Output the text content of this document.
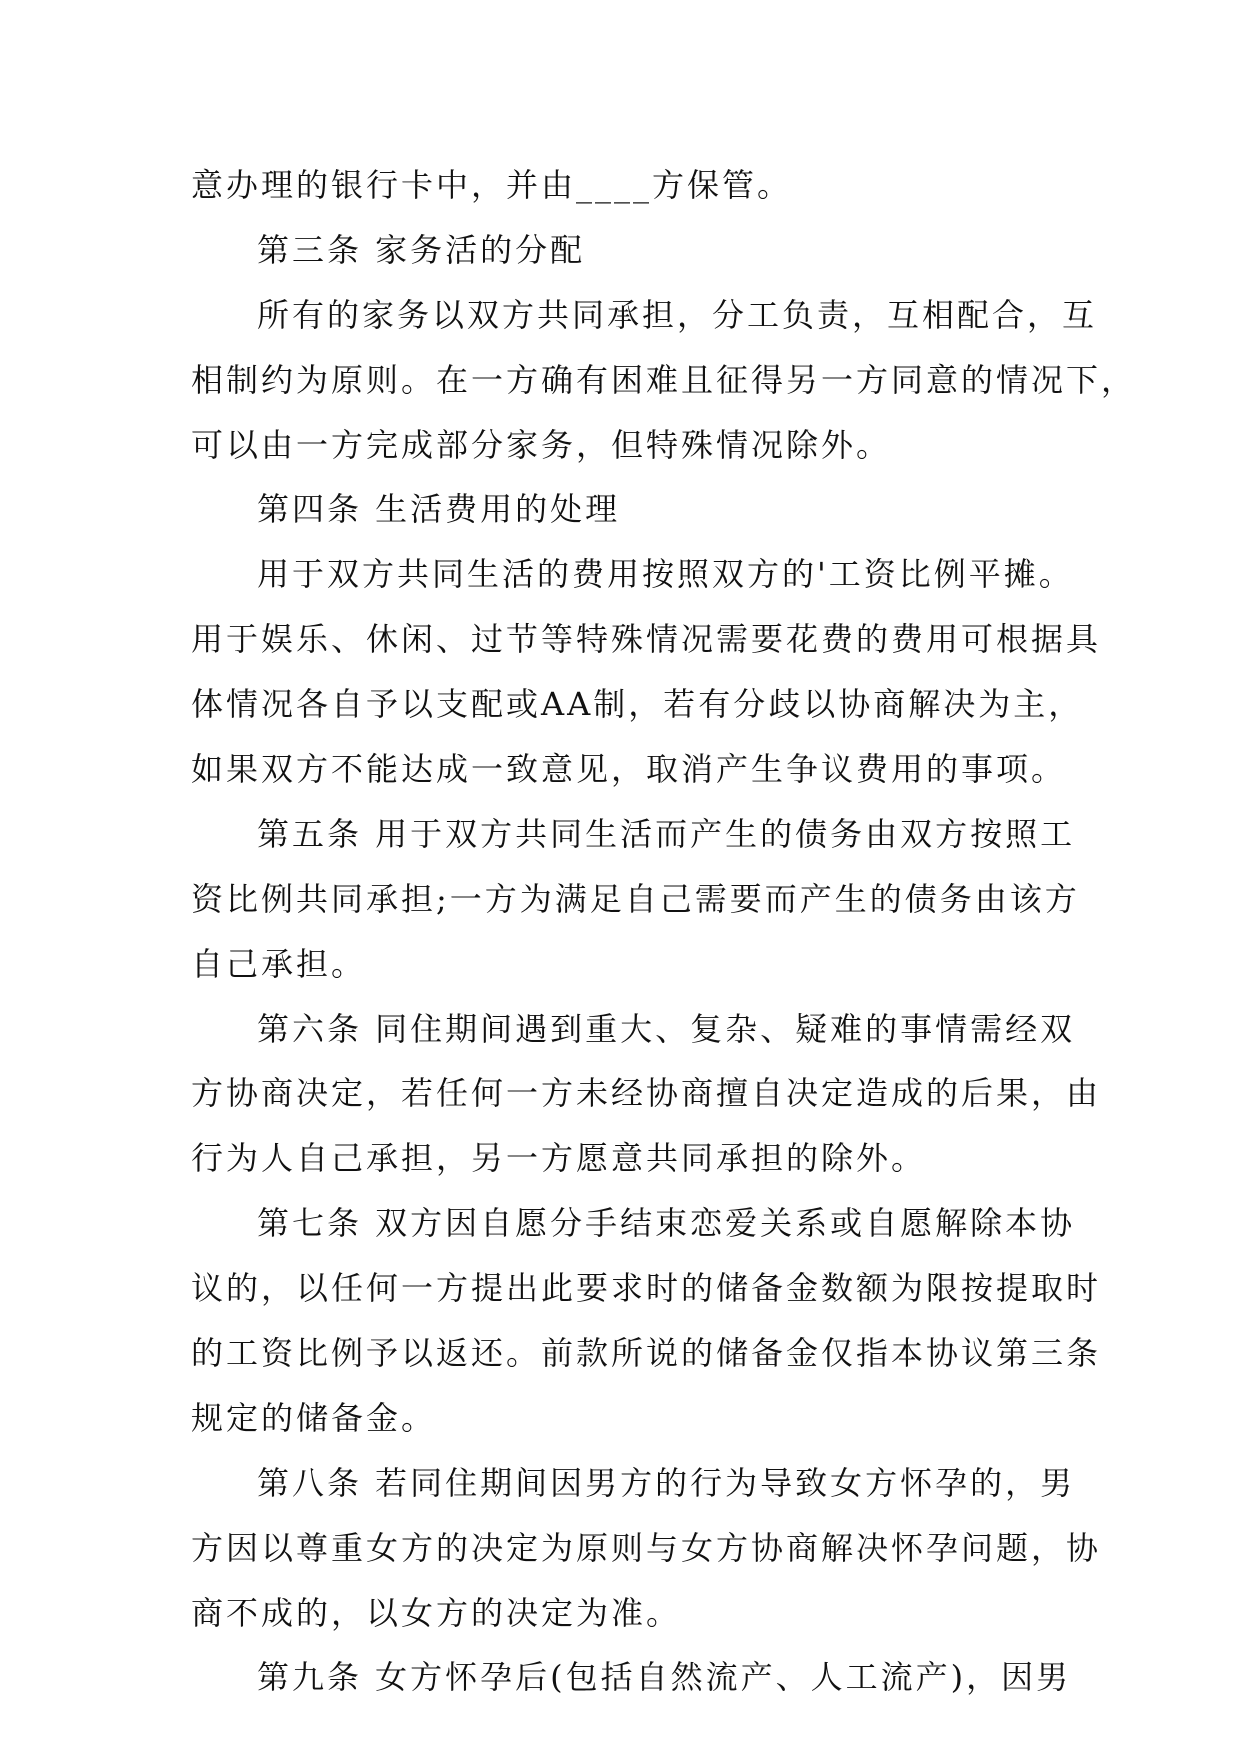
意办理的银行卡中，并由____方保管。
第三条 家务活的分配
所有的家务以双方共同承担，分工负责，互相配合，互
相制约为原则。在一方确有困难且征得另一方同意的情况下，
可以由一方完成部分家务，但特殊情况除外。
第四条 生活费用的处理
用于双方共同生活的费用按照双方的'工资比例平摊。
用于娱乐、休闲、过节等特殊情况需要花费的费用可根据具
体情况各自予以支配或AA制，若有分歧以协商解决为主，
如果双方不能达成一致意见，取消产生争议费用的事项。
第五条 用于双方共同生活而产生的债务由双方按照工
资比例共同承担;一方为满足自己需要而产生的债务由该方
自己承担。
第六条 同住期间遇到重大、复杂、疑难的事情需经双
方协商决定，若任何一方未经协商擅自决定造成的后果，由
行为人自己承担，另一方愿意共同承担的除外。
第七条 双方因自愿分手结束恋爱关系或自愿解除本协
议的，以任何一方提出此要求时的储备金数额为限按提取时
的工资比例予以返还。前款所说的储备金仅指本协议第三条
规定的储备金。
第八条 若同住期间因男方的行为导致女方怀孕的，男
方因以尊重女方的决定为原则与女方协商解决怀孕问题，协
商不成的，以女方的决定为准。
第九条 女方怀孕后(包括自然流产、人工流产)，因男
